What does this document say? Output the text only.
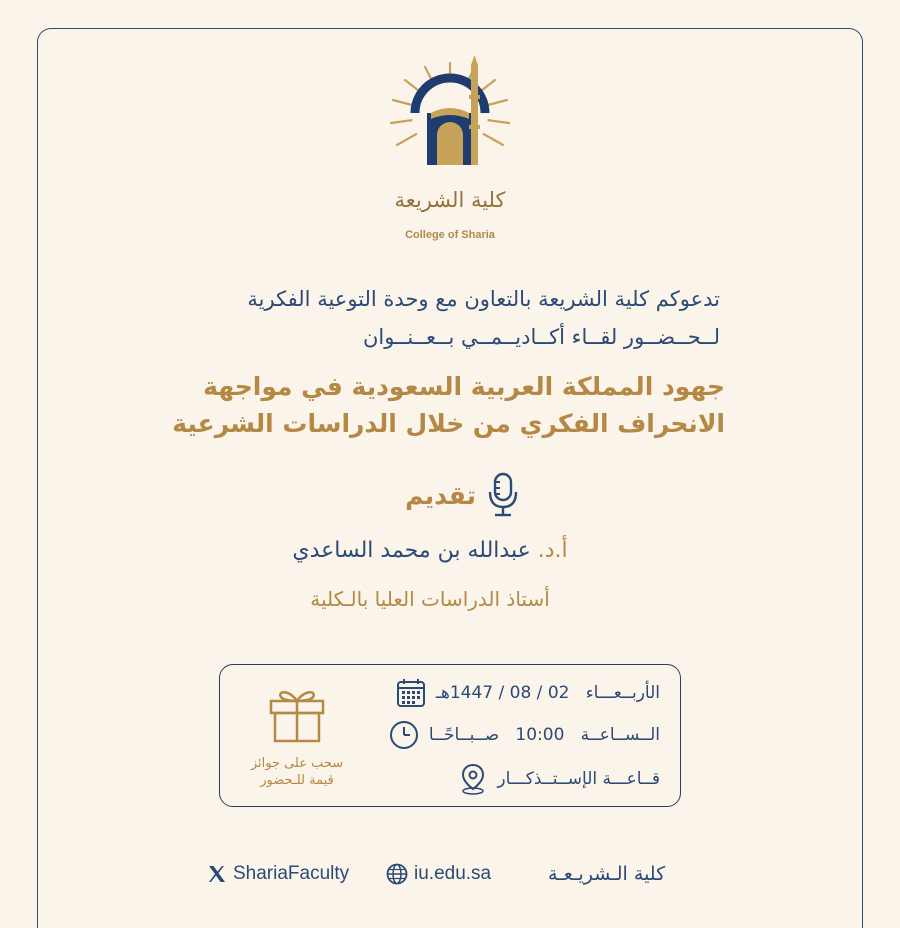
كلية الشريعة
College of Sharia
تدعوكم كلية الشريعة بالتعاون مع وحدة التوعية الفكرية
لــحــضــور لقــاء أكــاديــمــي بــعــنــوان
جهود المملكة العربية السعودية في مواجهة
الانحراف الفكري من خلال الدراسات الشرعية
تقديم
أ.د. عبدالله بن محمد الساعدي
أستاذ الدراسات العليا بالـكلية
الأربــعـــاء   02 / 08 / 1447هـ
الــســاعــة   10:00   صــبــاحًــا
قــاعـــة الإســتــذكـــار
سحب على جوائز
قيمة للـحضور
ShariaFaculty	iu.edu.sa	كلية الـشريـعـة
